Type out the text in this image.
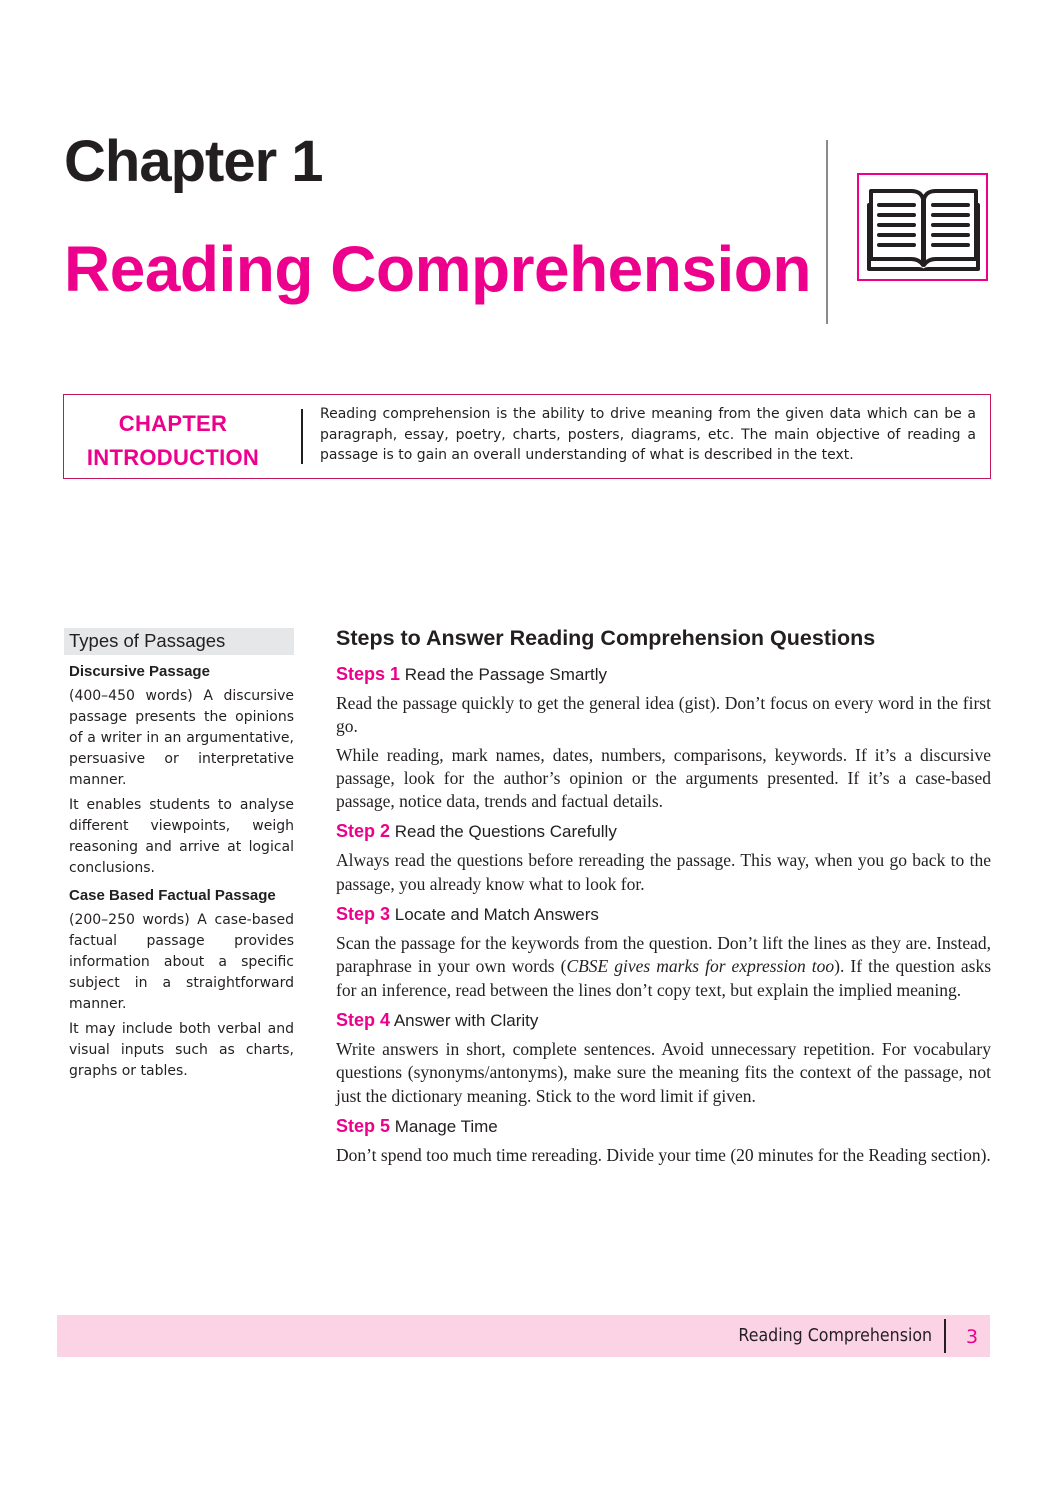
Chapter 1
Reading Comprehension
CHAPTER
INTRODUCTION
Reading comprehension is the ability to drive meaning from the given data which can be a paragraph, essay, poetry, charts, posters, diagrams, etc. The main objective of reading a passage is to gain an overall understanding of what is described in the text.
Types of Passages
Discursive Passage
(400–450 words) A discursive passage presents the opinions of a writer in an argumentative, persuasive or interpretative manner.
It enables students to analyse different viewpoints, weigh reasoning and arrive at logical conclusions.
Case Based Factual Passage
(200–250 words) A case-based factual passage provides information about a specific subject in a straightforward manner.
It may include both verbal and visual inputs such as charts, graphs or tables.
Steps to Answer Reading Comprehension Questions
Steps 1 Read the Passage Smartly
Read the passage quickly to get the general idea (gist). Don’t focus on every word in the first go.
While reading, mark names, dates, numbers, comparisons, keywords. If it’s a discursive passage, look for the author’s opinion or the arguments presented. If it’s a case-based passage, notice data, trends and factual details.
Step 2 Read the Questions Carefully
Always read the questions before rereading the passage. This way, when you go back to the passage, you already know what to look for.
Step 3 Locate and Match Answers
Scan the passage for the keywords from the question. Don’t lift the lines as they are. Instead, paraphrase in your own words (CBSE gives marks for expression too). If the question asks for an inference, read between the lines don’t copy text, but explain the implied meaning.
Step 4 Answer with Clarity
Write answers in short, complete sentences. Avoid unnecessary repetition. For vocabulary questions (synonyms/antonyms), make sure the meaning fits the context of the passage, not just the dictionary meaning. Stick to the word limit if given.
Step 5 Manage Time
Don’t spend too much time rereading. Divide your time (20 minutes for the Reading section).
Reading Comprehension 3
